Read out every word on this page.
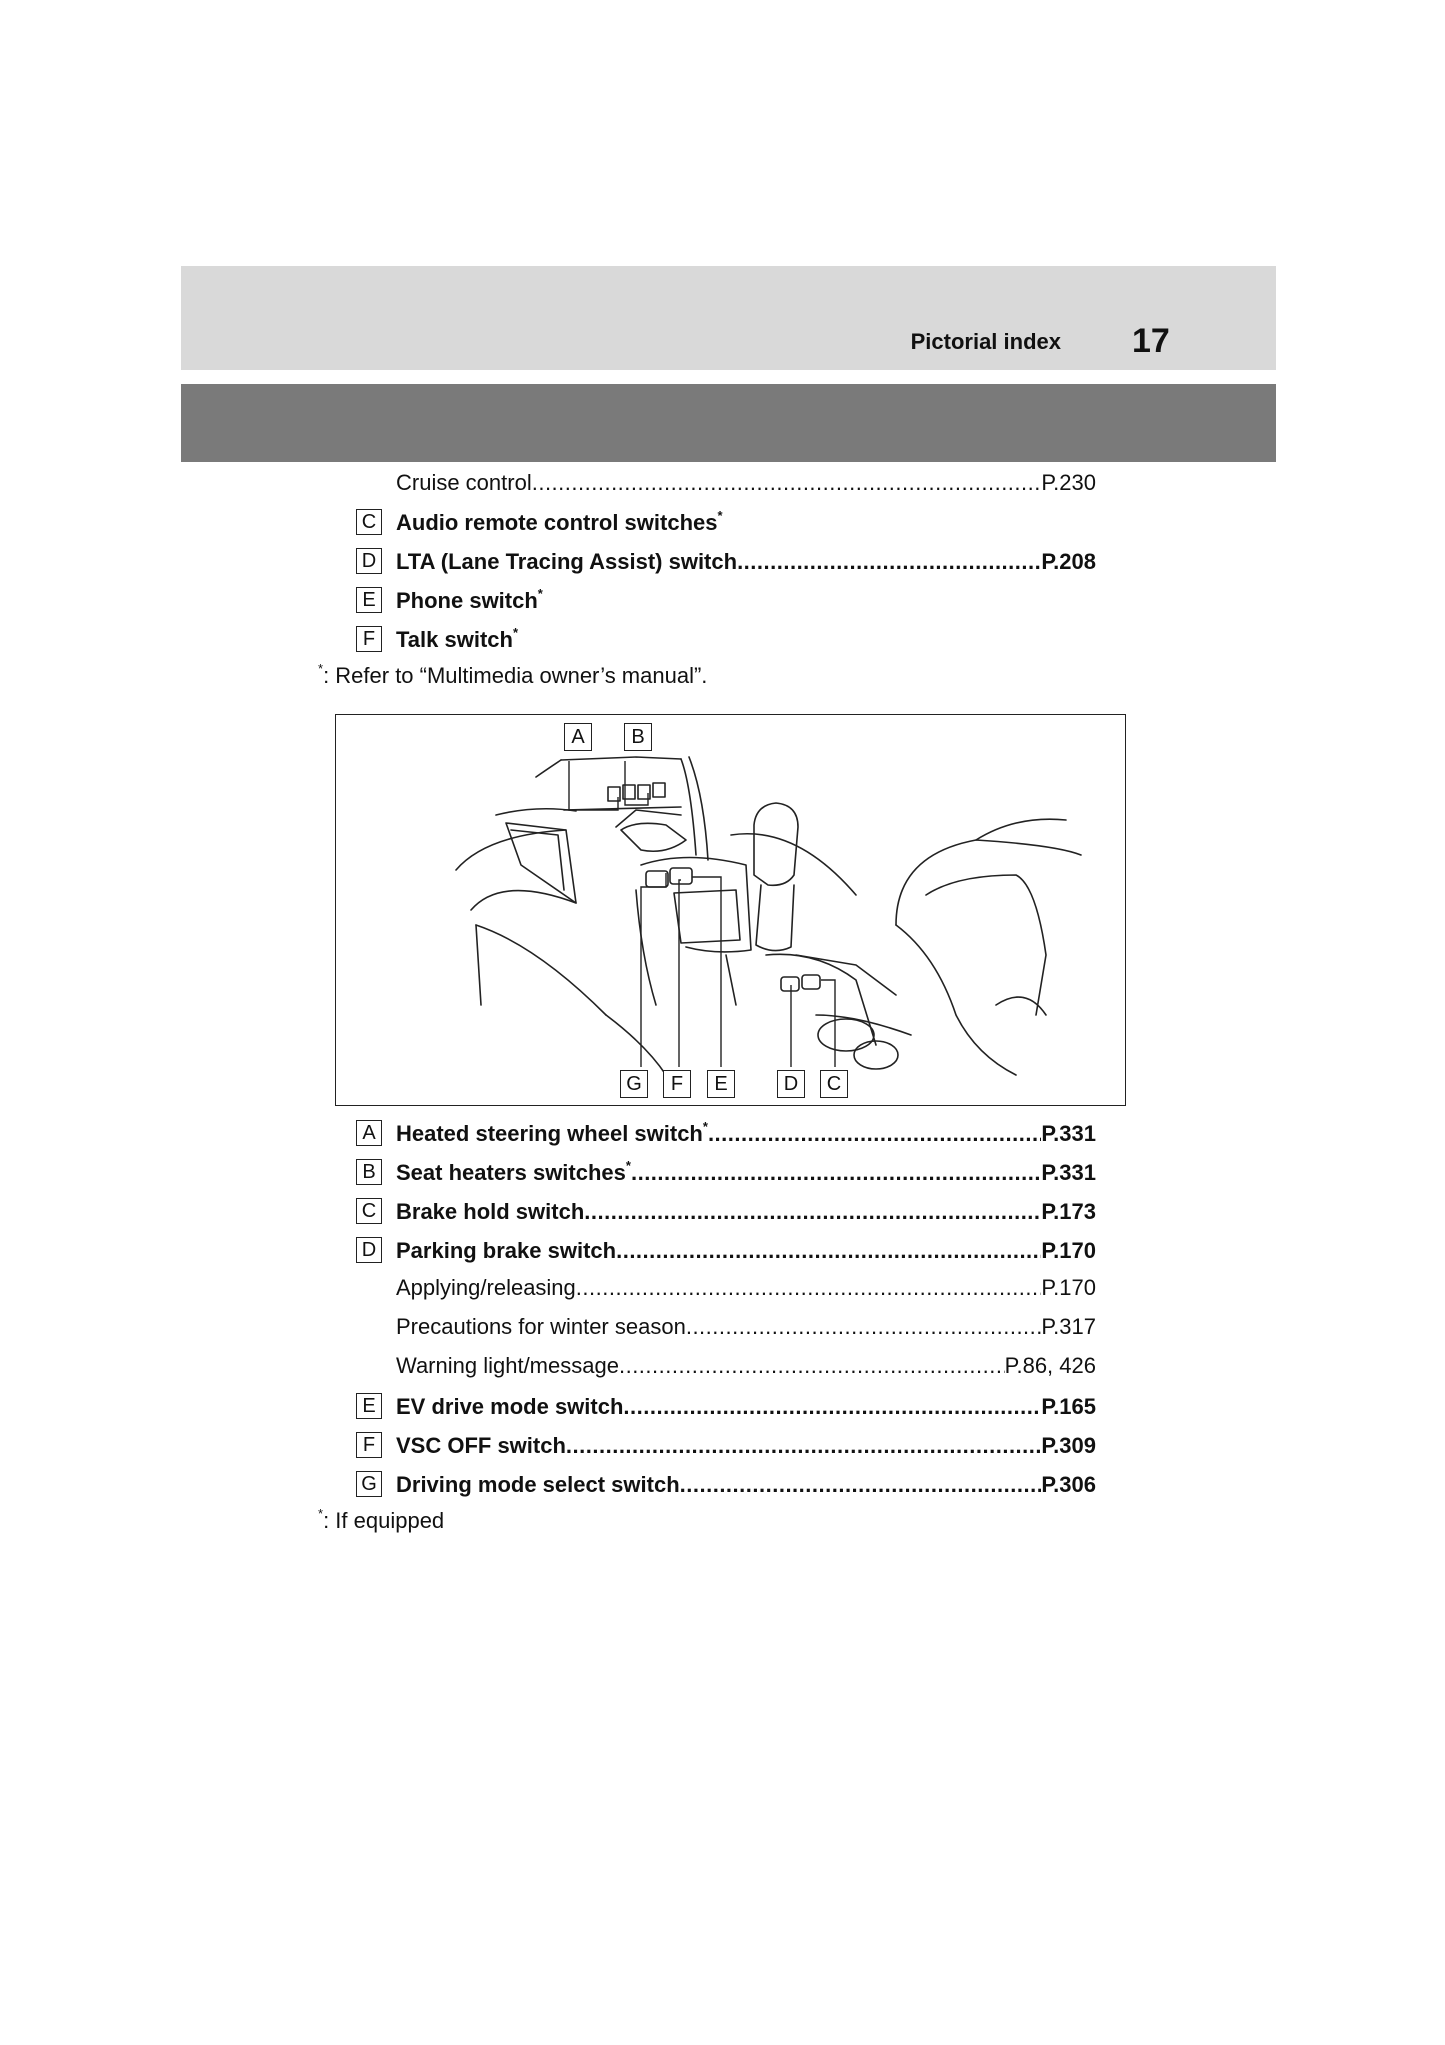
Pictorial index 17
Cruise control .....	P.230
C Audio remote control switches*
D LTA (Lane Tracing Assist) switch .....	P.208
E Phone switch*
F Talk switch*
*: Refer to “Multimedia owner’s manual”.
A	B
G	F	E	D	C
A Heated steering wheel switch* .....	P.331
B Seat heaters switches* .....	P.331
C Brake hold switch .....	P.173
D Parking brake switch .....	P.170
Applying/releasing .....	P.170
Precautions for winter season .....	P.317
Warning light/message .....	P.86, 426
E EV drive mode switch .....	P.165
F VSC OFF switch .....	P.309
G Driving mode select switch .....	P.306
*: If equipped
